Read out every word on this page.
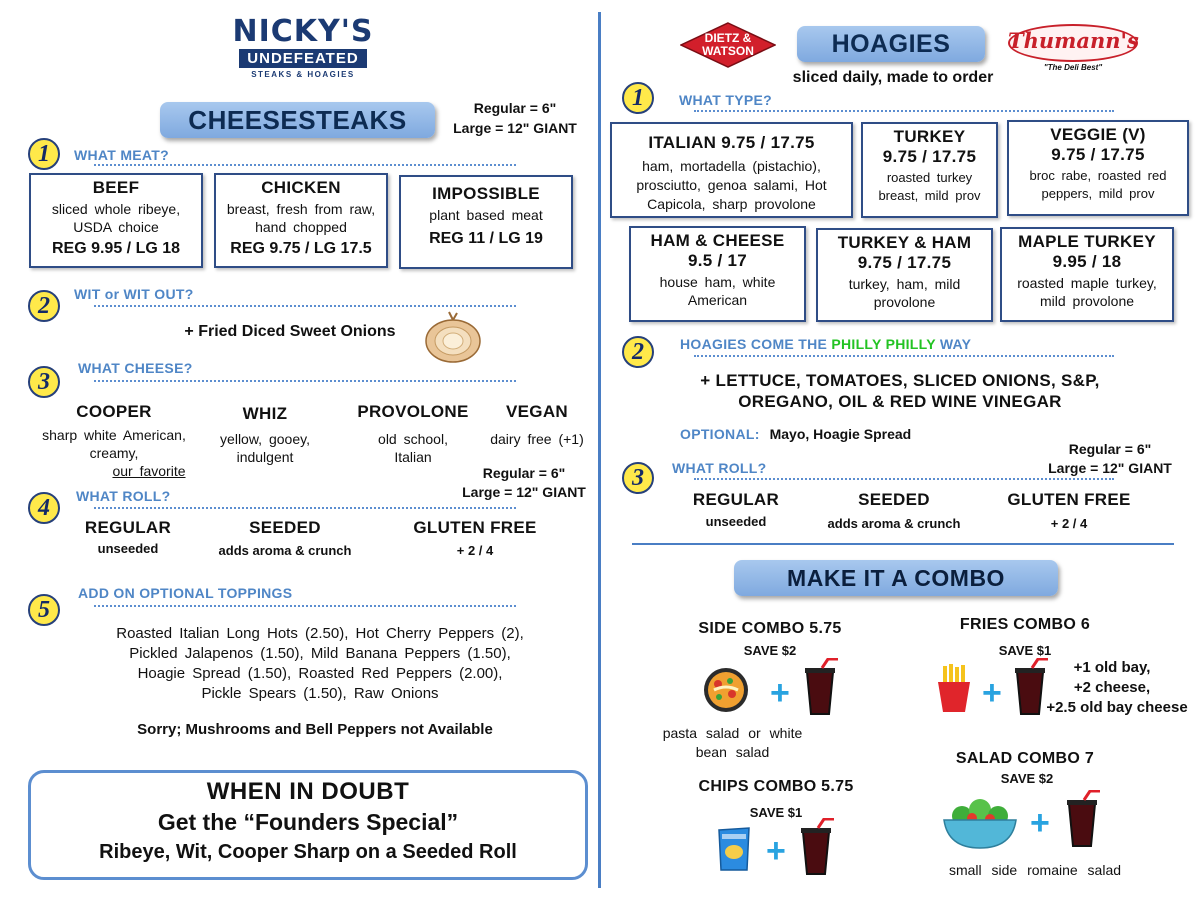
NICKY'S
UNDEFEATED
STEAKS & HOAGIES
CHEESESTEAKS	Regular = 6"
Large = 12" GIANT
1	WHAT MEAT?
BEEF
sliced whole ribeye, USDA choice
REG 9.95 / LG 18
CHICKEN
breast, fresh from raw, hand chopped
REG 9.75 / LG 17.5
IMPOSSIBLE
plant based meat
REG 11 / LG 19
2	WIT or WIT OUT?
+ Fried Diced Sweet Onions
3
WHAT CHEESE?
COOPER
sharp white American, creamy,
our favorite
WHIZ
yellow, gooey, indulgent
PROVOLONE
old school, Italian
VEGAN
dairy free (+1)
Regular = 6"
Large = 12" GIANT
4	WHAT ROLL?
REGULAR
unseeded
SEEDED
adds aroma & crunch
GLUTEN FREE
+ 2 / 4
5
ADD ON OPTIONAL TOPPINGS
Roasted Italian Long Hots (2.50), Hot Cherry Peppers (2),
Pickled Jalapenos (1.50), Mild Banana Peppers (1.50),
Hoagie Spread (1.50), Roasted Red Peppers (2.00),
Pickle Spears (1.50), Raw Onions
Sorry; Mushrooms and Bell Peppers not Available
WHEN IN DOUBT
Get the “Founders Special”
Ribeye, Wit, Cooper Sharp on a Seeded Roll
DIETZ &
WATSON	HOAGIES
sliced daily, made to order
Thumann's
"The Deli Best"
1	WHAT TYPE?
ITALIAN 9.75 / 17.75
ham, mortadella (pistachio), prosciutto, genoa salami, Hot Capicola, sharp provolone
TURKEY
9.75 / 17.75
roasted turkey breast, mild prov
VEGGIE (V)
9.75 / 17.75
broc rabe, roasted red peppers, mild prov
HAM & CHEESE
9.5 / 17
house ham, white American
TURKEY & HAM
9.75 / 17.75
turkey, ham, mild provolone
MAPLE TURKEY
9.95 / 18
roasted maple turkey, mild provolone
2	HOAGIES COME THE PHILLY PHILLY WAY
+ LETTUCE, TOMATOES, SLICED ONIONS, S&P,
OREGANO, OIL & RED WINE VINEGAR
OPTIONAL: Mayo, Hoagie Spread
Regular = 6"
Large = 12" GIANT
3	WHAT ROLL?
REGULAR
unseeded
SEEDED
adds aroma & crunch
GLUTEN FREE
+ 2 / 4
MAKE IT A COMBO
SIDE COMBO 5.75
SAVE $2
+
pasta salad or white bean salad
FRIES COMBO 6
SAVE $1
+
+1 old bay,
+2 cheese,
+2.5 old bay cheese
CHIPS COMBO 5.75
SAVE $1
+
SALAD COMBO 7
SAVE $2
+
small side romaine salad
